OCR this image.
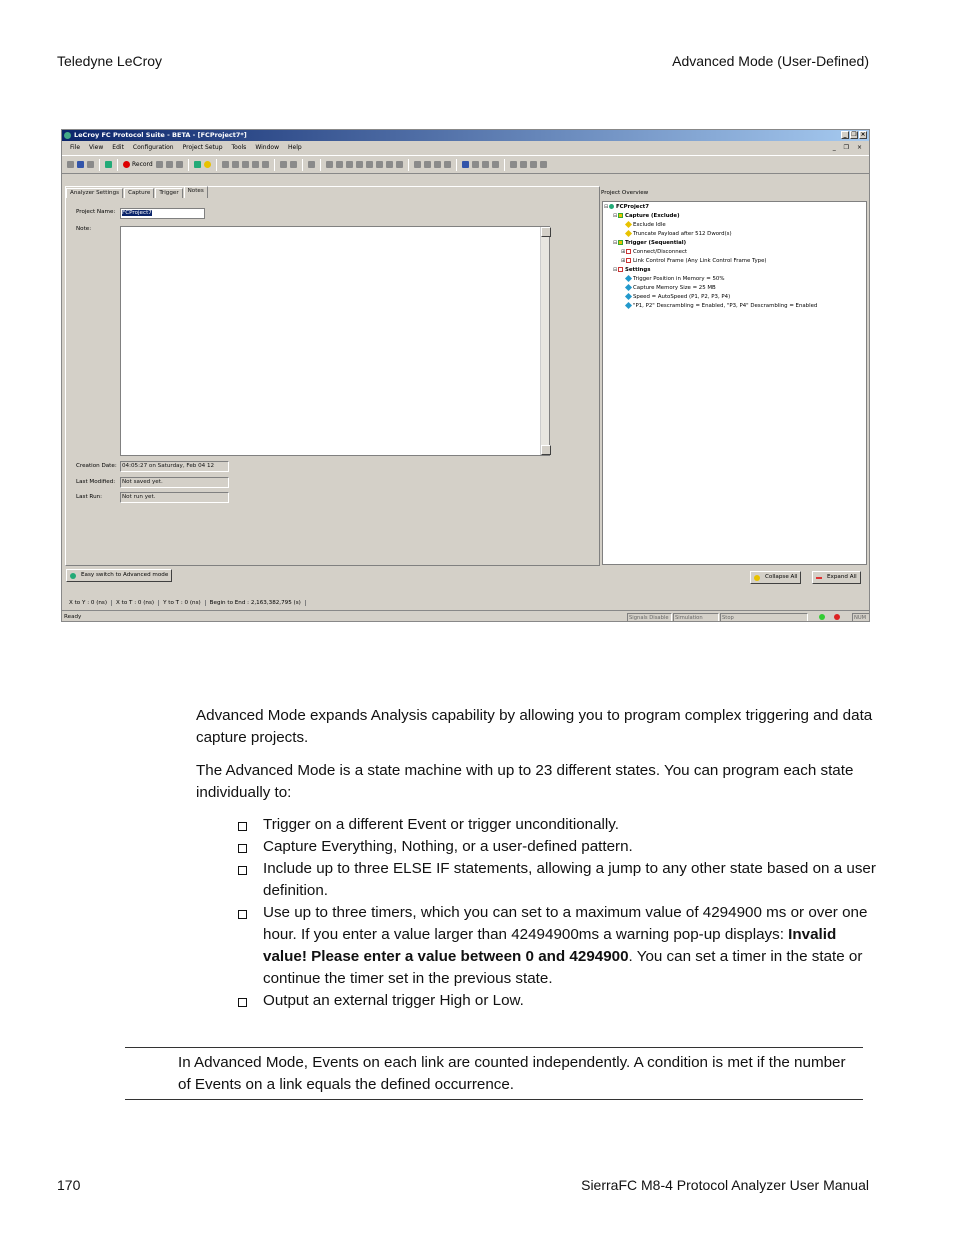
Teledyne LeCroy	Advanced Mode (User-Defined)
LeCroy FC Protocol Suite - BETA - [FCProject7*]	_ ❐ ×
File View Edit Configuration Project Setup Tools Window Help	_ ❐ ×
Record
Analyzer Settings	Capture	Trigger	Notes
Project Name:	FCProject7
Note:
Creation Date: 04:05:27 on Saturday, Feb 04 12
Last Modified:	Not saved yet.
Last Run:	Not run yet.
Project Overview
⊟ FCProject7
⊟ Capture (Exclude)
Exclude Idle
Truncate Payload after 512 Dword(s)
⊟ Trigger (Sequential)
⊞ Connect/Disconnect
⊞ Link Control Frame (Any Link Control Frame Type)
⊟ Settings
Trigger Position in Memory = 50%
Capture Memory Size = 25 MB
Speed = AutoSpeed (P1, P2, P3, P4)
"P1, P2" Descrambling = Enabled, "P3, P4" Descrambling = Enabled
Easy switch to Advanced mode	Collapse All	Expand All
X to Y : 0 (ns)	X to T : 0 (ns)	Y to T : 0 (ns)	Begin to End : 2,163,382,795 (s)
Ready	Signals Disable	Simulation	Stop	NUM

Advanced Mode expands Analysis capability by allowing you to program complex triggering and data capture projects.

The Advanced Mode is a state machine with up to 23 different states. You can program each state individually to:

Trigger on a different Event or trigger unconditionally.
Capture Everything, Nothing, or a user-defined pattern.
Include up to three ELSE IF statements, allowing a jump to any other state based on a user definition.
Use up to three timers, which you can set to a maximum value of 4294900 ms or over one hour. If you enter a value larger than 42494900ms a warning pop-up displays: Invalid value! Please enter a value between 0 and 4294900. You can set a timer in the state or continue the timer set in the previous state.
Output an external trigger High or Low.

In Advanced Mode, Events on each link are counted independently. A condition is met if the number of Events on a link equals the defined occurrence.

170	SierraFC M8-4 Protocol Analyzer User Manual
